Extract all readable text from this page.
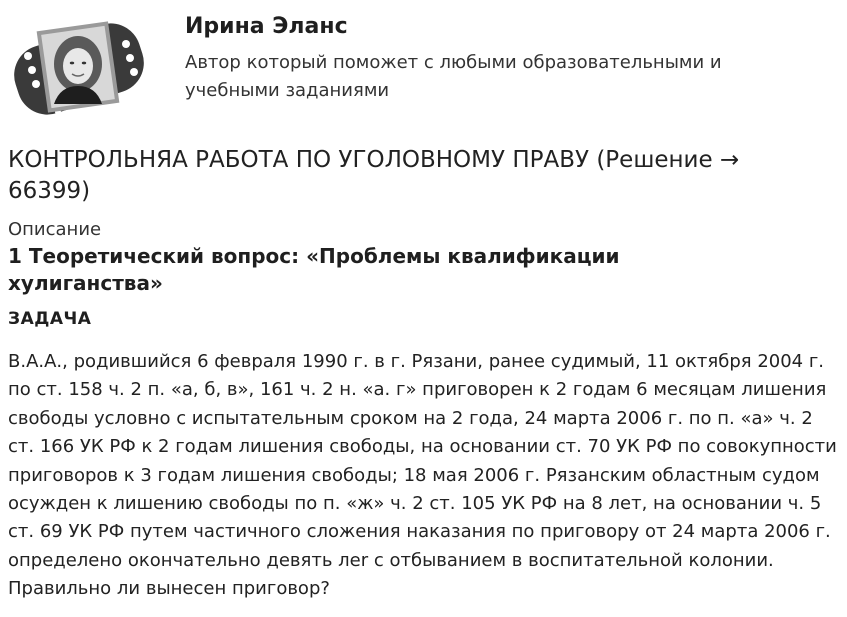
Ирина Эланс

Автор который поможет с любыми образовательными и учебными заданиями

КОНТРОЛЬНЯА РАБОТА ПО УГОЛОВНОМУ ПРАВУ (Решение → 66399)
Описание
1 Теоретический вопрос: «Проблемы квалификации хулиганства»
ЗАДАЧА

В.А.А., родившийся 6 февраля 1990 г. в г. Рязани, ранее судимый, 11 октября 2004 г. по ст. 158 ч. 2 п. «а, б, в», 161 ч. 2 н. «а. г» приговорен к 2 годам 6 месяцам лишения свободы условно с испытательным сроком на 2 года, 24 марта 2006 г. по п. «а» ч. 2 ст. 166 УК РФ к 2 годам лишения свободы, на основании ст. 70 УК РФ по совокупности приговоров к 3 годам лишения свободы; 18 мая 2006 г. Рязанским областным судом осужден к лишению свободы по п. «ж» ч. 2 ст. 105 УК РФ на 8 лет, на основании ч. 5 ст. 69 УК РФ путем частичного сложения наказания по приговору от 24 марта 2006 г. определено окончательно девять леr с отбыванием в воспитательной колонии. Правильно ли вынесен приговор?
